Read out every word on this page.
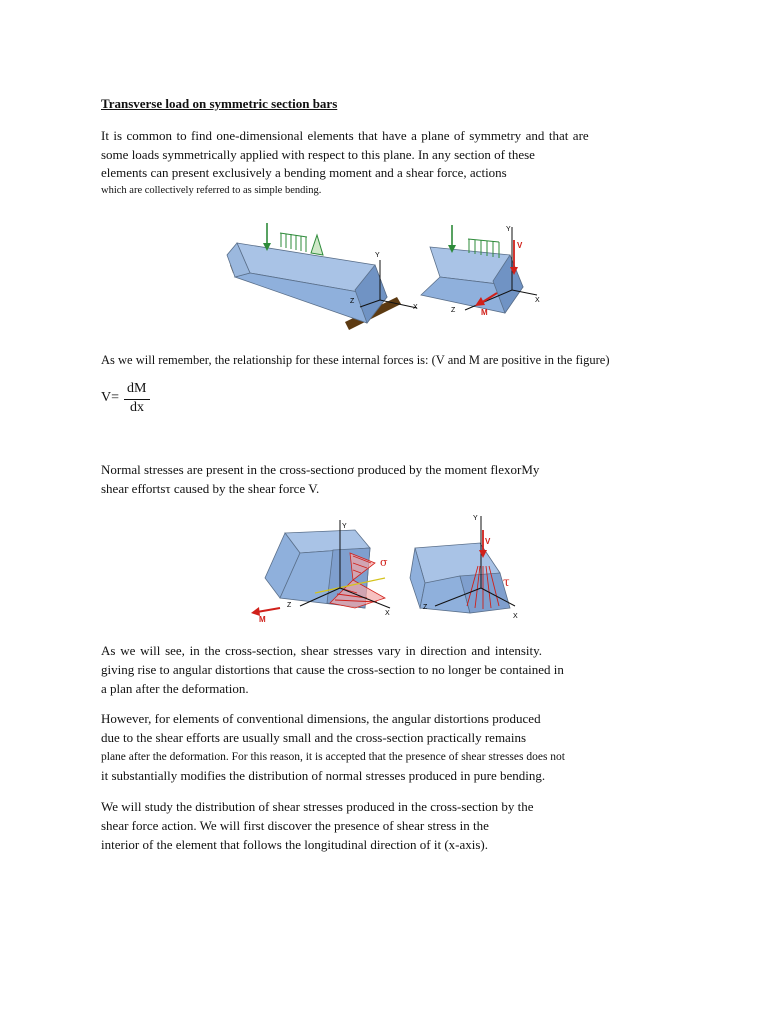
Transverse load on symmetric section bars
It is common to find one-dimensional elements that have a plane of symmetry and that are
some loads symmetrically applied with respect to this plane. In any section of these
elements can present exclusively a bending moment and a shear force, actions
which are collectively referred to as simple bending.
Y
Z
X
Y
V
Z	M
X
As we will remember, the relationship for these internal forces is: (V and M are positive in the figure)
V=
dM
dx
Normal stresses are present in the cross-sectionσ produced by the moment flexorMy
shear effortsτ caused by the shear force V.
Y
σ
Z
M
X
Y
V
τ
Z
X
As we will see, in the cross-section, shear stresses vary in direction and intensity.
giving rise to angular distortions that cause the cross-section to no longer be contained in
a plan after the deformation.
However, for elements of conventional dimensions, the angular distortions produced
due to the shear efforts are usually small and the cross-section practically remains
plane after the deformation. For this reason, it is accepted that the presence of shear stresses does not
it substantially modifies the distribution of normal stresses produced in pure bending.
We will study the distribution of shear stresses produced in the cross-section by the
shear force action. We will first discover the presence of shear stress in the
interior of the element that follows the longitudinal direction of it (x-axis).
